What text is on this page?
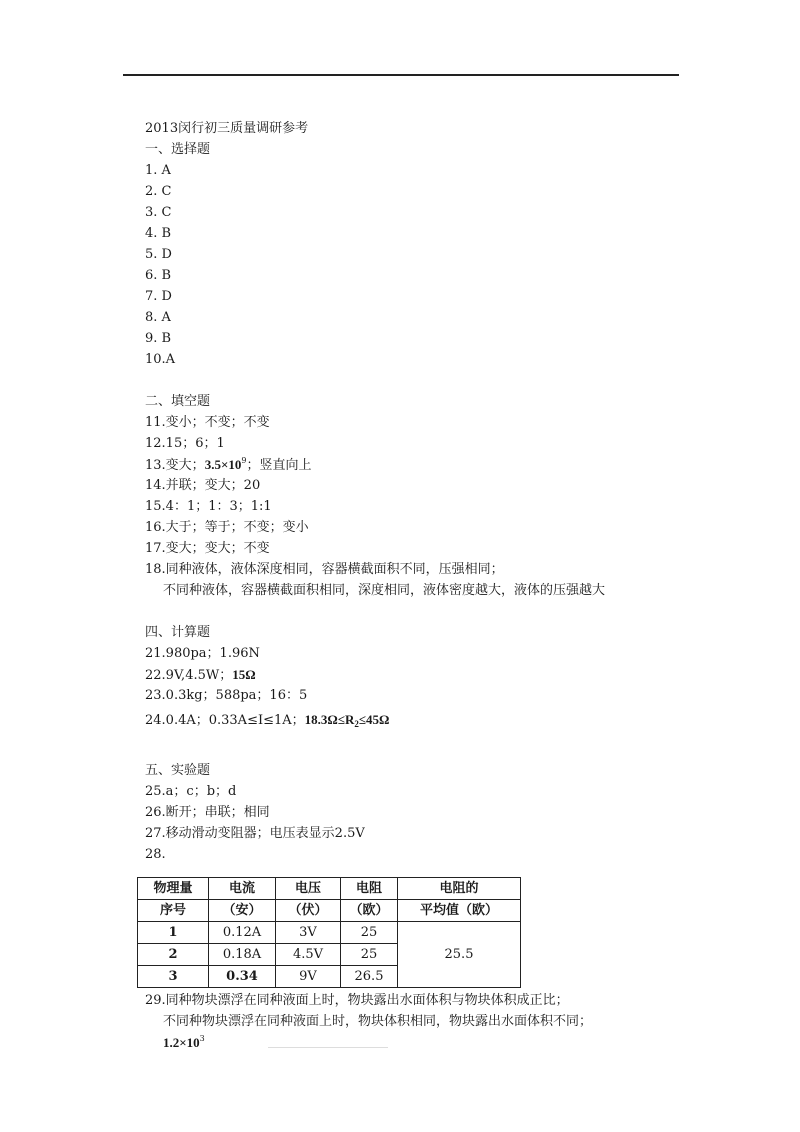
2013闵行初三质量调研参考
一、选择题
1. A
2. C
3. C
4. B
5. D
6. B
7. D
8. A
9. B
10.A
二、填空题
11.变小；不变；不变
12.15；6；1
13.变大；$3.5\times 10^9$；竖直向上
14.并联；变大；20
15.4：1；1：3；1:1
16.大于；等于；不变；变小
17.变大；变大；不变
18.同种液体，液体深度相同，容器横截面积不同，压强相同；
不同种液体，容器横截面积相同，深度相同，液体密度越大，液体的压强越大
四、计算题
21.980pa；1.96N
22.9V,4.5W；15Ω
23.0.3kg；588pa；16：5
24.0.4A；0.33A≤I≤1A；$18.3\Omega\le R_2\le 45\Omega$
五、实验题
25.a；c；b；d
26.断开；串联；相同
27.移动滑动变阻器；电压表显示2.5V
28.
物理量	电流	电压	电阻	电阻的
序号	（安）	（伏）	（欧）	平均值（欧）
1	0.12A	3V	25	25.5
2	0.18A	4.5V	25	
3	0.34	9V	26.5	
29.同种物块漂浮在同种液面上时，物块露出水面体积与物块体积成正比；
不同种物块漂浮在同种液面上时，物块体积相同，物块露出水面体积不同；
$1.2\times 10^3$
